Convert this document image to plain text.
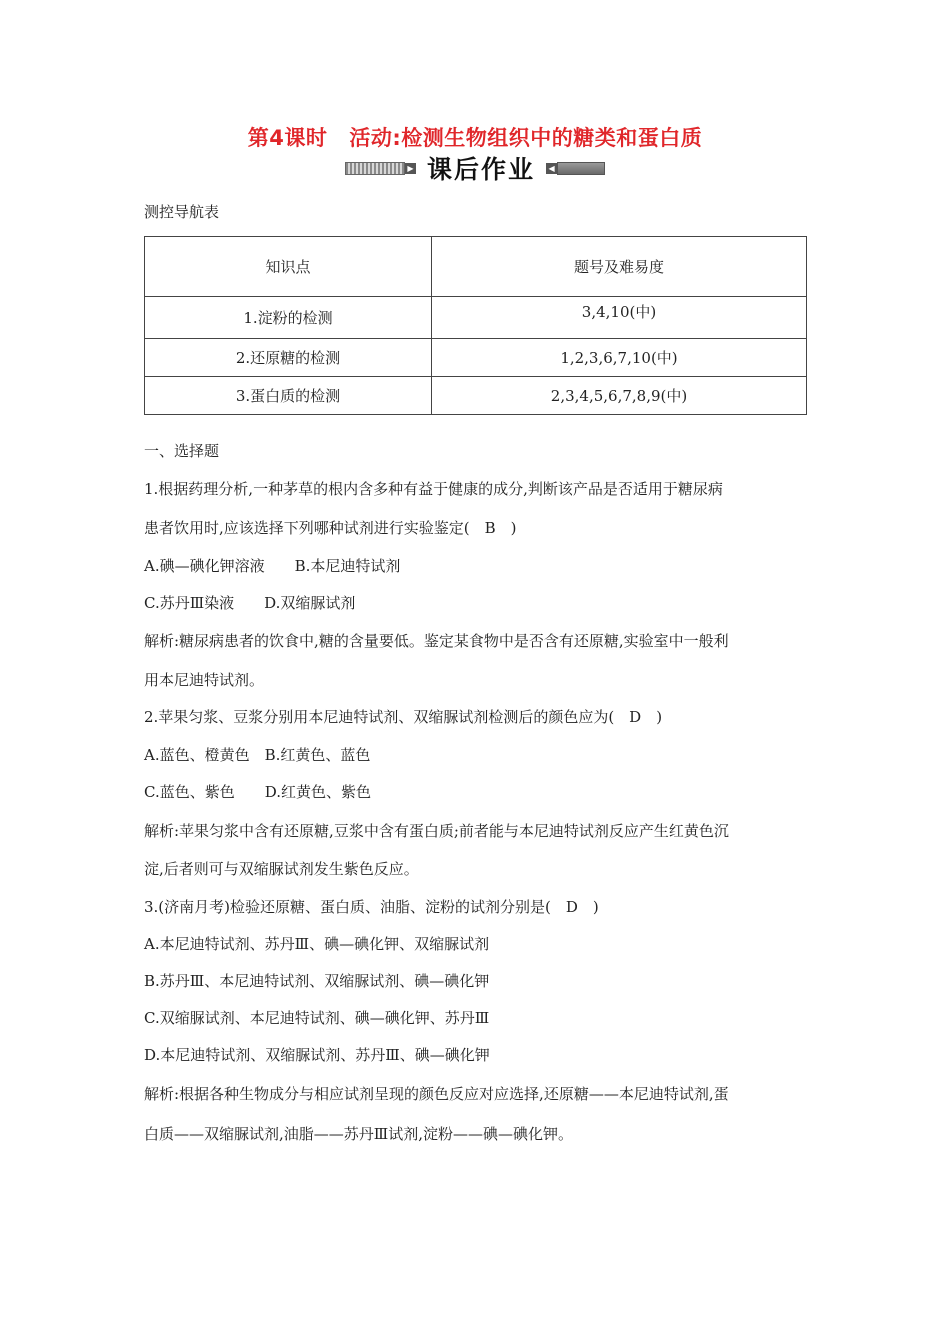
第4课时 活动:检测生物组织中的糖类和蛋白质
▶ 课后作业 ◀
测控导航表
知识点	题号及难易度
1.淀粉的检测	3,4,10(中)
2.还原糖的检测	1,2,3,6,7,10(中)
3.蛋白质的检测	2,3,4,5,6,7,8,9(中)
一、选择题
1.根据药理分析,一种茅草的根内含多种有益于健康的成分,判断该产品是否适用于糖尿病
患者饮用时,应该选择下列哪种试剂进行实验鉴定(　B　)
A.碘—碘化钾溶液　　B.本尼迪特试剂
C.苏丹Ⅲ染液　　D.双缩脲试剂
解析:糖尿病患者的饮食中,糖的含量要低。鉴定某食物中是否含有还原糖,实验室中一般利
用本尼迪特试剂。
2.苹果匀浆、豆浆分别用本尼迪特试剂、双缩脲试剂检测后的颜色应为(　D　)
A.蓝色、橙黄色　B.红黄色、蓝色
C.蓝色、紫色　　D.红黄色、紫色
解析:苹果匀浆中含有还原糖,豆浆中含有蛋白质;前者能与本尼迪特试剂反应产生红黄色沉
淀,后者则可与双缩脲试剂发生紫色反应。
3.(济南月考)检验还原糖、蛋白质、油脂、淀粉的试剂分别是(　D　)
A.本尼迪特试剂、苏丹Ⅲ、碘—碘化钾、双缩脲试剂
B.苏丹Ⅲ、本尼迪特试剂、双缩脲试剂、碘—碘化钾
C.双缩脲试剂、本尼迪特试剂、碘—碘化钾、苏丹Ⅲ
D.本尼迪特试剂、双缩脲试剂、苏丹Ⅲ、碘—碘化钾
解析:根据各种生物成分与相应试剂呈现的颜色反应对应选择,还原糖——本尼迪特试剂,蛋
白质——双缩脲试剂,油脂——苏丹Ⅲ试剂,淀粉——碘—碘化钾。
